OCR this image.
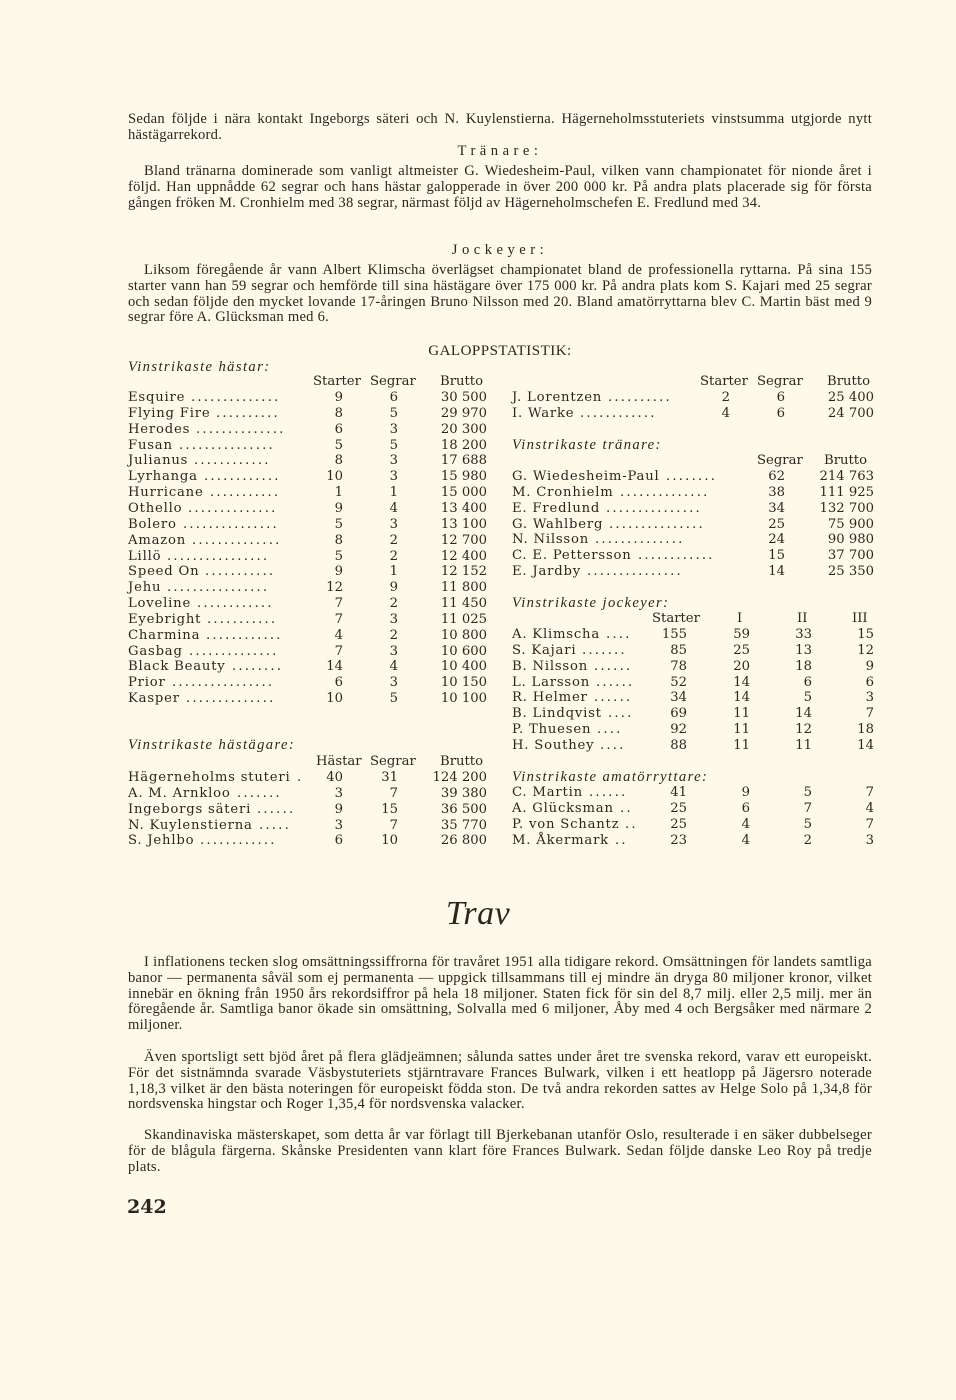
Sedan följde i nära kontakt Ingeborgs säteri och N. Kuylenstierna. Hägerneholmsstuteriets vinstsumma utgjorde nytt hästägarrekord.
Tränare:
Bland tränarna dominerade som vanligt altmeister G. Wiedesheim-Paul, vilken vann championatet för nionde året i följd. Han uppnådde 62 segrar och hans hästar galopperade in över 200 000 kr. På andra plats placerade sig för första gången fröken M. Cronhielm med 38 segrar, närmast följd av Hägerneholmschefen E. Fredlund med 34.
Jockeyer:
Liksom föregående år vann Albert Klimscha överlägset championatet bland de professionella ryttarna. På sina 155 starter vann han 59 segrar och hemförde till sina hästägare över 175 000 kr. På andra plats kom S. Kajari med 25 segrar och sedan följde den mycket lovande 17-åringen Bruno Nilsson med 20. Bland amatörryttarna blev C. Martin bäst med 9 segrar före A. Glücksman med 6.
GALOPPSTATISTIK:
Vinstrikaste hästar:
Starter Segrar Brutto
Esquire ..............	9	6	30 500
Flying Fire ..........	8	5	29 970
Herodes ..............	6	3	20 300
Fusan ...............	5	5	18 200
Julianus ............	8	3	17 688
Lyrhanga ............	10	3	15 980
Hurricane ...........	1	1	15 000
Othello ..............	9	4	13 400
Bolero ...............	5	3	13 100
Amazon ..............	8	2	12 700
Lillö ................	5	2	12 400
Speed On ...........	9	1	12 152
Jehu ................	12	9	11 800
Loveline ............	7	2	11 450
Eyebright ...........	7	3	11 025
Charmina ............	4	2	10 800
Gasbag ..............	7	3	10 600
Black Beauty ........	14	4	10 400
Prior ................	6	3	10 150
Kasper ..............	10	5	10 100
Vinstrikaste hästägare:
Hästar Segrar Brutto
Hägerneholms stuteri .	40	31	124 200
A. M. Arnkloo .......	3	7	39 380
Ingeborgs säteri ......	9	15	36 500
N. Kuylenstierna .....	3	7	35 770
S. Jehlbo ............	6	10	26 800
Starter Segrar Brutto
J. Lorentzen ..........	2	6	25 400
I. Warke ............	4	6	24 700
Vinstrikaste tränare:
Segrar Brutto
G. Wiedesheim-Paul ........	62	214 763
M. Cronhielm ..............	38	111 925
E. Fredlund ...............	34	132 700
G. Wahlberg ...............	25	75 900
N. Nilsson ..............	24	90 980
C. E. Pettersson ............	15	37 700
E. Jardby ...............	14	25 350
Vinstrikaste jockeyer:
Starter	I	II	III
A. Klimscha ....	155	59	33	15
S. Kajari .......	85	25	13	12
B. Nilsson ......	78	20	18	9
L. Larsson ......	52	14	6	6
R. Helmer ......	34	14	5	3
B. Lindqvist ....	69	11	14	7
P. Thuesen ....	92	11	12	18
H. Southey ....	88	11	11	14
Vinstrikaste amatörryttare:
C. Martin ......	41	9	5	7
A. Glücksman ..	25	6	7	4
P. von Schantz ..	25	4	5	7
M. Åkermark ..	23	4	2	3
Trav
I inflationens tecken slog omsättningssiffrorna för travåret 1951 alla tidigare rekord. Omsättningen för landets samtliga banor — permanenta såväl som ej permanenta — uppgick tillsammans till ej mindre än dryga 80 miljoner kronor, vilket innebär en ökning från 1950 års rekordsiffror på hela 18 miljoner. Staten fick för sin del 8,7 milj. eller 2,5 milj. mer än föregående år. Samtliga banor ökade sin omsättning, Solvalla med 6 miljoner, Åby med 4 och Bergsåker med närmare 2 miljoner.
Även sportsligt sett bjöd året på flera glädjeämnen; sålunda sattes under året tre svenska rekord, varav ett europeiskt. För det sistnämnda svarade Väsbystuteriets stjärntravare Frances Bulwark, vilken i ett heatlopp på Jägersro noterade 1,18,3 vilket är den bästa noteringen för europeiskt födda ston. De två andra rekorden sattes av Helge Solo på 1,34,8 för nordsvenska hingstar och Roger 1,35,4 för nordsvenska valacker.
Skandinaviska mästerskapet, som detta år var förlagt till Bjerkebanan utanför Oslo, resulterade i en säker dubbelseger för de blågula färgerna. Skånske Presidenten vann klart före Frances Bulwark. Sedan följde danske Leo Roy på tredje plats.
242
